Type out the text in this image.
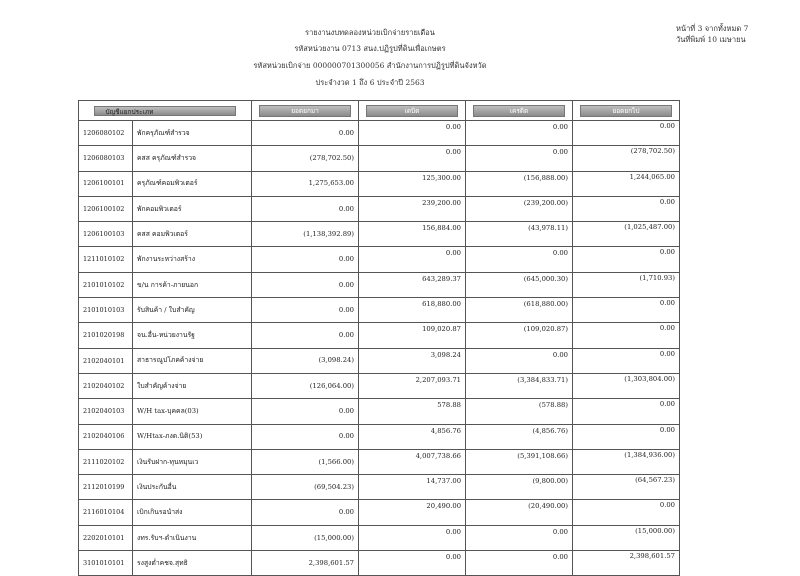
รายงานงบทดลองหน่วยเบิกจ่ายรายเดือน
รหัสหน่วยงาน 0713 สนง.ปฏิรูปที่ดินเพื่อเกษตร
รหัสหน่วยเบิกจ่าย 000000701300056 สำนักงานการปฏิรูปที่ดินจังหวัด
ประจำงวด 1 ถึง 6 ประจำปี 2563
หน้าที่ 3 จากทั้งหมด 7
วันที่พิมพ์ 10 เมษายน
บัญชีแยกประเภท		ยอดยกมา	เดบิต	เครดิต	ยอดยกไป

1206080102	พักครุภัณฑ์สำรวจ	0.00	0.00	0.00	0.00
1206080103	คสส ครุภัณฑ์สำรวจ	(278,702.50)	0.00	0.00	(278,702.50)
1206100101	ครุภัณฑ์คอมพิวเตอร์	1,275,653.00	125,300.00	(156,888.00)	1,244,065.00
1206100102	พักคอมพิวเตอร์	0.00	239,200.00	(239,200.00)	0.00
1206100103	คสส คอมพิวเตอร์	(1,138,392.89)	156,884.00	(43,978.11)	(1,025,487.00)
1211010102	พักงานระหว่างสร้าง	0.00	0.00	0.00	0.00
2101010102	ข/น การค้า-ภายนอก	0.00	643,289.37	(645,000.30)	(1,710.93)
2101010103	รับสินค้า / ใบสำคัญ	0.00	618,880.00	(618,880.00)	0.00
2101020198	จน.อื่น-หน่วยงานรัฐ	0.00	109,020.87	(109,020.87)	0.00
2102040101	สาธารณูปโภคค้างจ่าย	(3,098.24)	3,098.24	0.00	0.00
2102040102	ใบสำคัญค้างจ่าย	(126,064.00)	2,207,093.71	(3,384,833.71)	(1,303,804.00)
2102040103	W/H tax-บุคคล(03)	0.00	578.88	(578.88)	0.00
2102040106	W/Htax-ภงด.นิติ(53)	0.00	4,856.76	(4,856.76)	0.00
2111020102	เงินรับฝาก-ทุนหมุนเว	(1,566.00)	4,007,738.66	(5,391,108.66)	(1,384,936.00)
2112010199	เงินประกันอื่น	(69,504.23)	14,737.00	(9,800.00)	(64,567.23)
2116010104	เบิกเกินรอนำส่ง	0.00	20,490.00	(20,490.00)	0.00
2202010101	งทร.รับฯ-ดำเนินงาน	(15,000.00)	0.00	0.00	(15,000.00)
3101010101	รงสูงต่ำคชจ.สุทธิ	2,398,601.57	0.00	0.00	2,398,601.57
